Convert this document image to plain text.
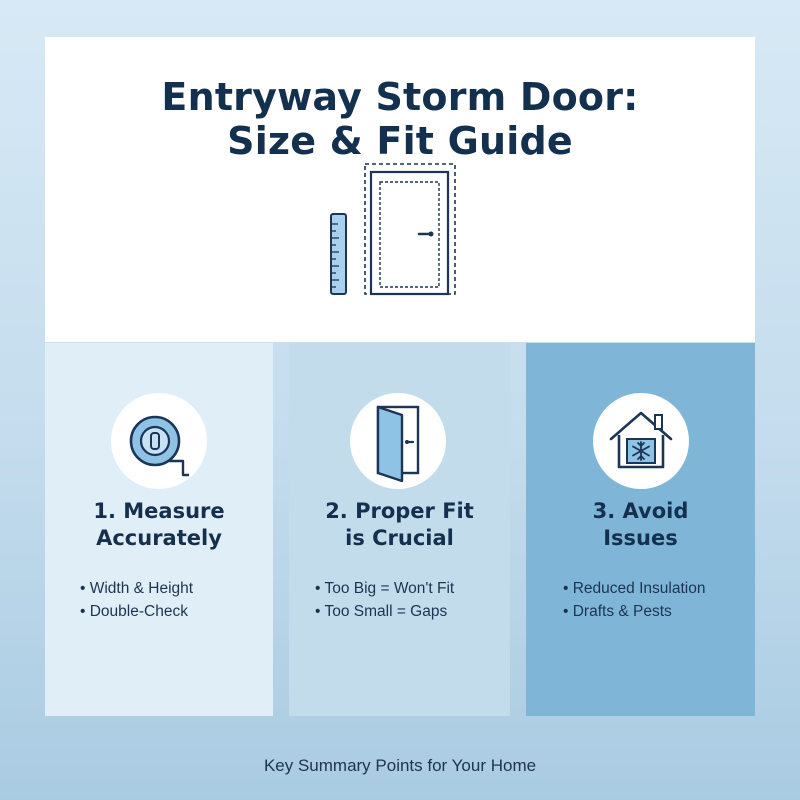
Entryway Storm Door:
Size & Fit Guide
1. Measure
Accurately
• Width & Height
• Double-Check
2. Proper Fit
is Crucial
• Too Big = Won't Fit
• Too Small = Gaps
3. Avoid
Issues
• Reduced Insulation
• Drafts & Pests
Key Summary Points for Your Home
